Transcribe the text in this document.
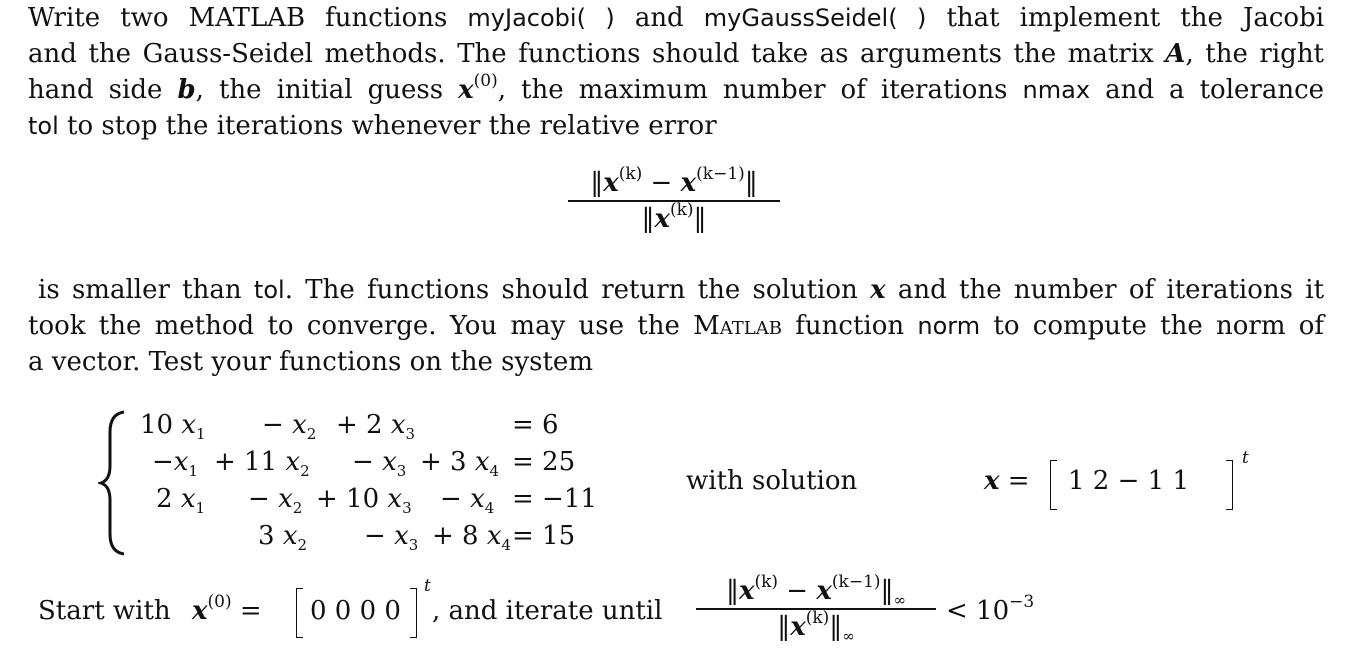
Write two MATLAB functions myJacobi( ) and myGaussSeidel( ) that implement the Jacobi
and the Gauss-Seidel methods. The functions should take as arguments the matrix A, the right
hand side b, the initial guess $x^{(0)}$, the maximum number of iterations nmax and a tolerance
tol to stop the iterations whenever the relative error
$‖x^{(k)}$ − $x^{(k-1)}‖$
$‖x^{(k)}‖$
is smaller than tol. The functions should return the solution x and the number of iterations it
took the method to converge. You may use the Matlab function norm to compute the norm of
a vector. Test your functions on the system
10 $x_1 - x_2 + 2$ $x_3$	= 6
$-x_1 + 11$ $x_2 - x_3 + 3$ $x_4 = 25$
2 $x_1 - x_2 + 10$ $x_3 - x_4 = -11$
3 $x_2 - x_3 + 8$ $x_4 = 15$
with solution	x = 1 2 − 1 1
t
Start with $x^{(0)} = 0$ 0 0 0
t
, and iterate until
$‖x^{(k)}$ − $x^{(k-1)}‖_\infty$
$‖x^{(k)}‖_\infty$
< $10^{-3}$
